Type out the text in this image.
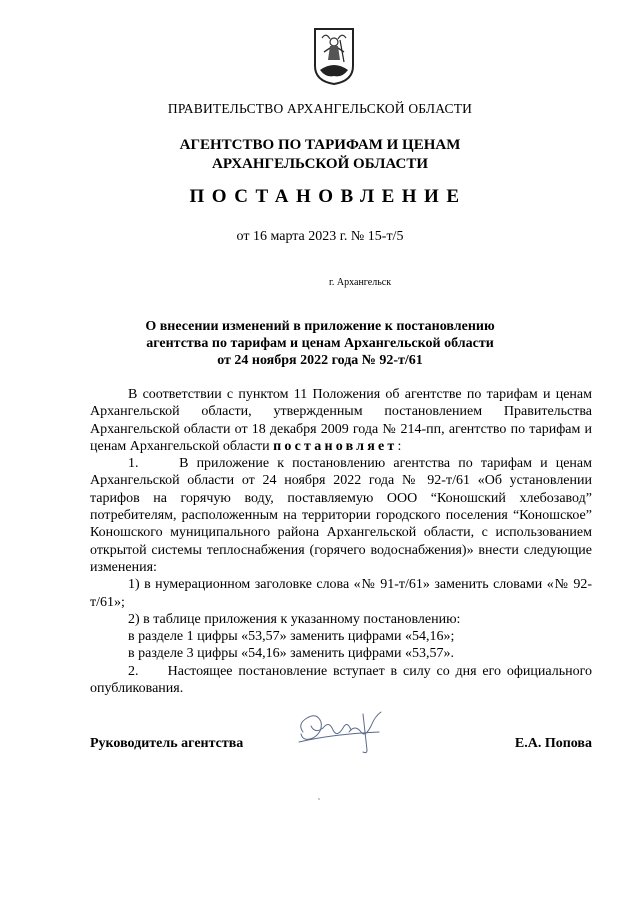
ПРАВИТЕЛЬСТВО АРХАНГЕЛЬСКОЙ ОБЛАСТИ
АГЕНТСТВО ПО ТАРИФАМ И ЦЕНАМ
АРХАНГЕЛЬСКОЙ ОБЛАСТИ
ПОСТАНОВЛЕНИЕ
от 16 марта 2023 г. № 15-т/5
г. Архангельск
О внесении изменений в приложение к постановлению
агентства по тарифам и ценам Архангельской области
от 24 ноября 2022 года № 92-т/61

В соответствии с пунктом 11 Положения об агентстве по тарифам и ценам Архангельской области, утвержденным постановлением Правительства Архангельской области от 18 декабря 2009 года № 214-пп, агентство по тарифам и ценам Архангельской области постановляет:

1.	В приложение к постановлению агентства по тарифам и ценам Архангельской области от 24 ноября 2022 года № 92-т/61 «Об установлении тарифов на горячую воду, поставляемую ООО “Коношский хлебозавод” потребителям, расположенным на территории городского поселения “Коношское” Коношского муниципального района Архангельской области, с использованием открытой системы теплоснабжения (горячего водоснабжения)» внести следующие изменения:

1) в нумерационном заголовке слова «№ 91-т/61» заменить словами «№ 92-т/61»;

2) в таблице приложения к указанному постановлению:

в разделе 1 цифры «53,57» заменить цифрами «54,16»;

в разделе 3 цифры «54,16» заменить цифрами «53,57».

2. Настоящее постановление вступает в силу со дня его официального опубликования.

Руководитель агентства	Е.А. Попова
